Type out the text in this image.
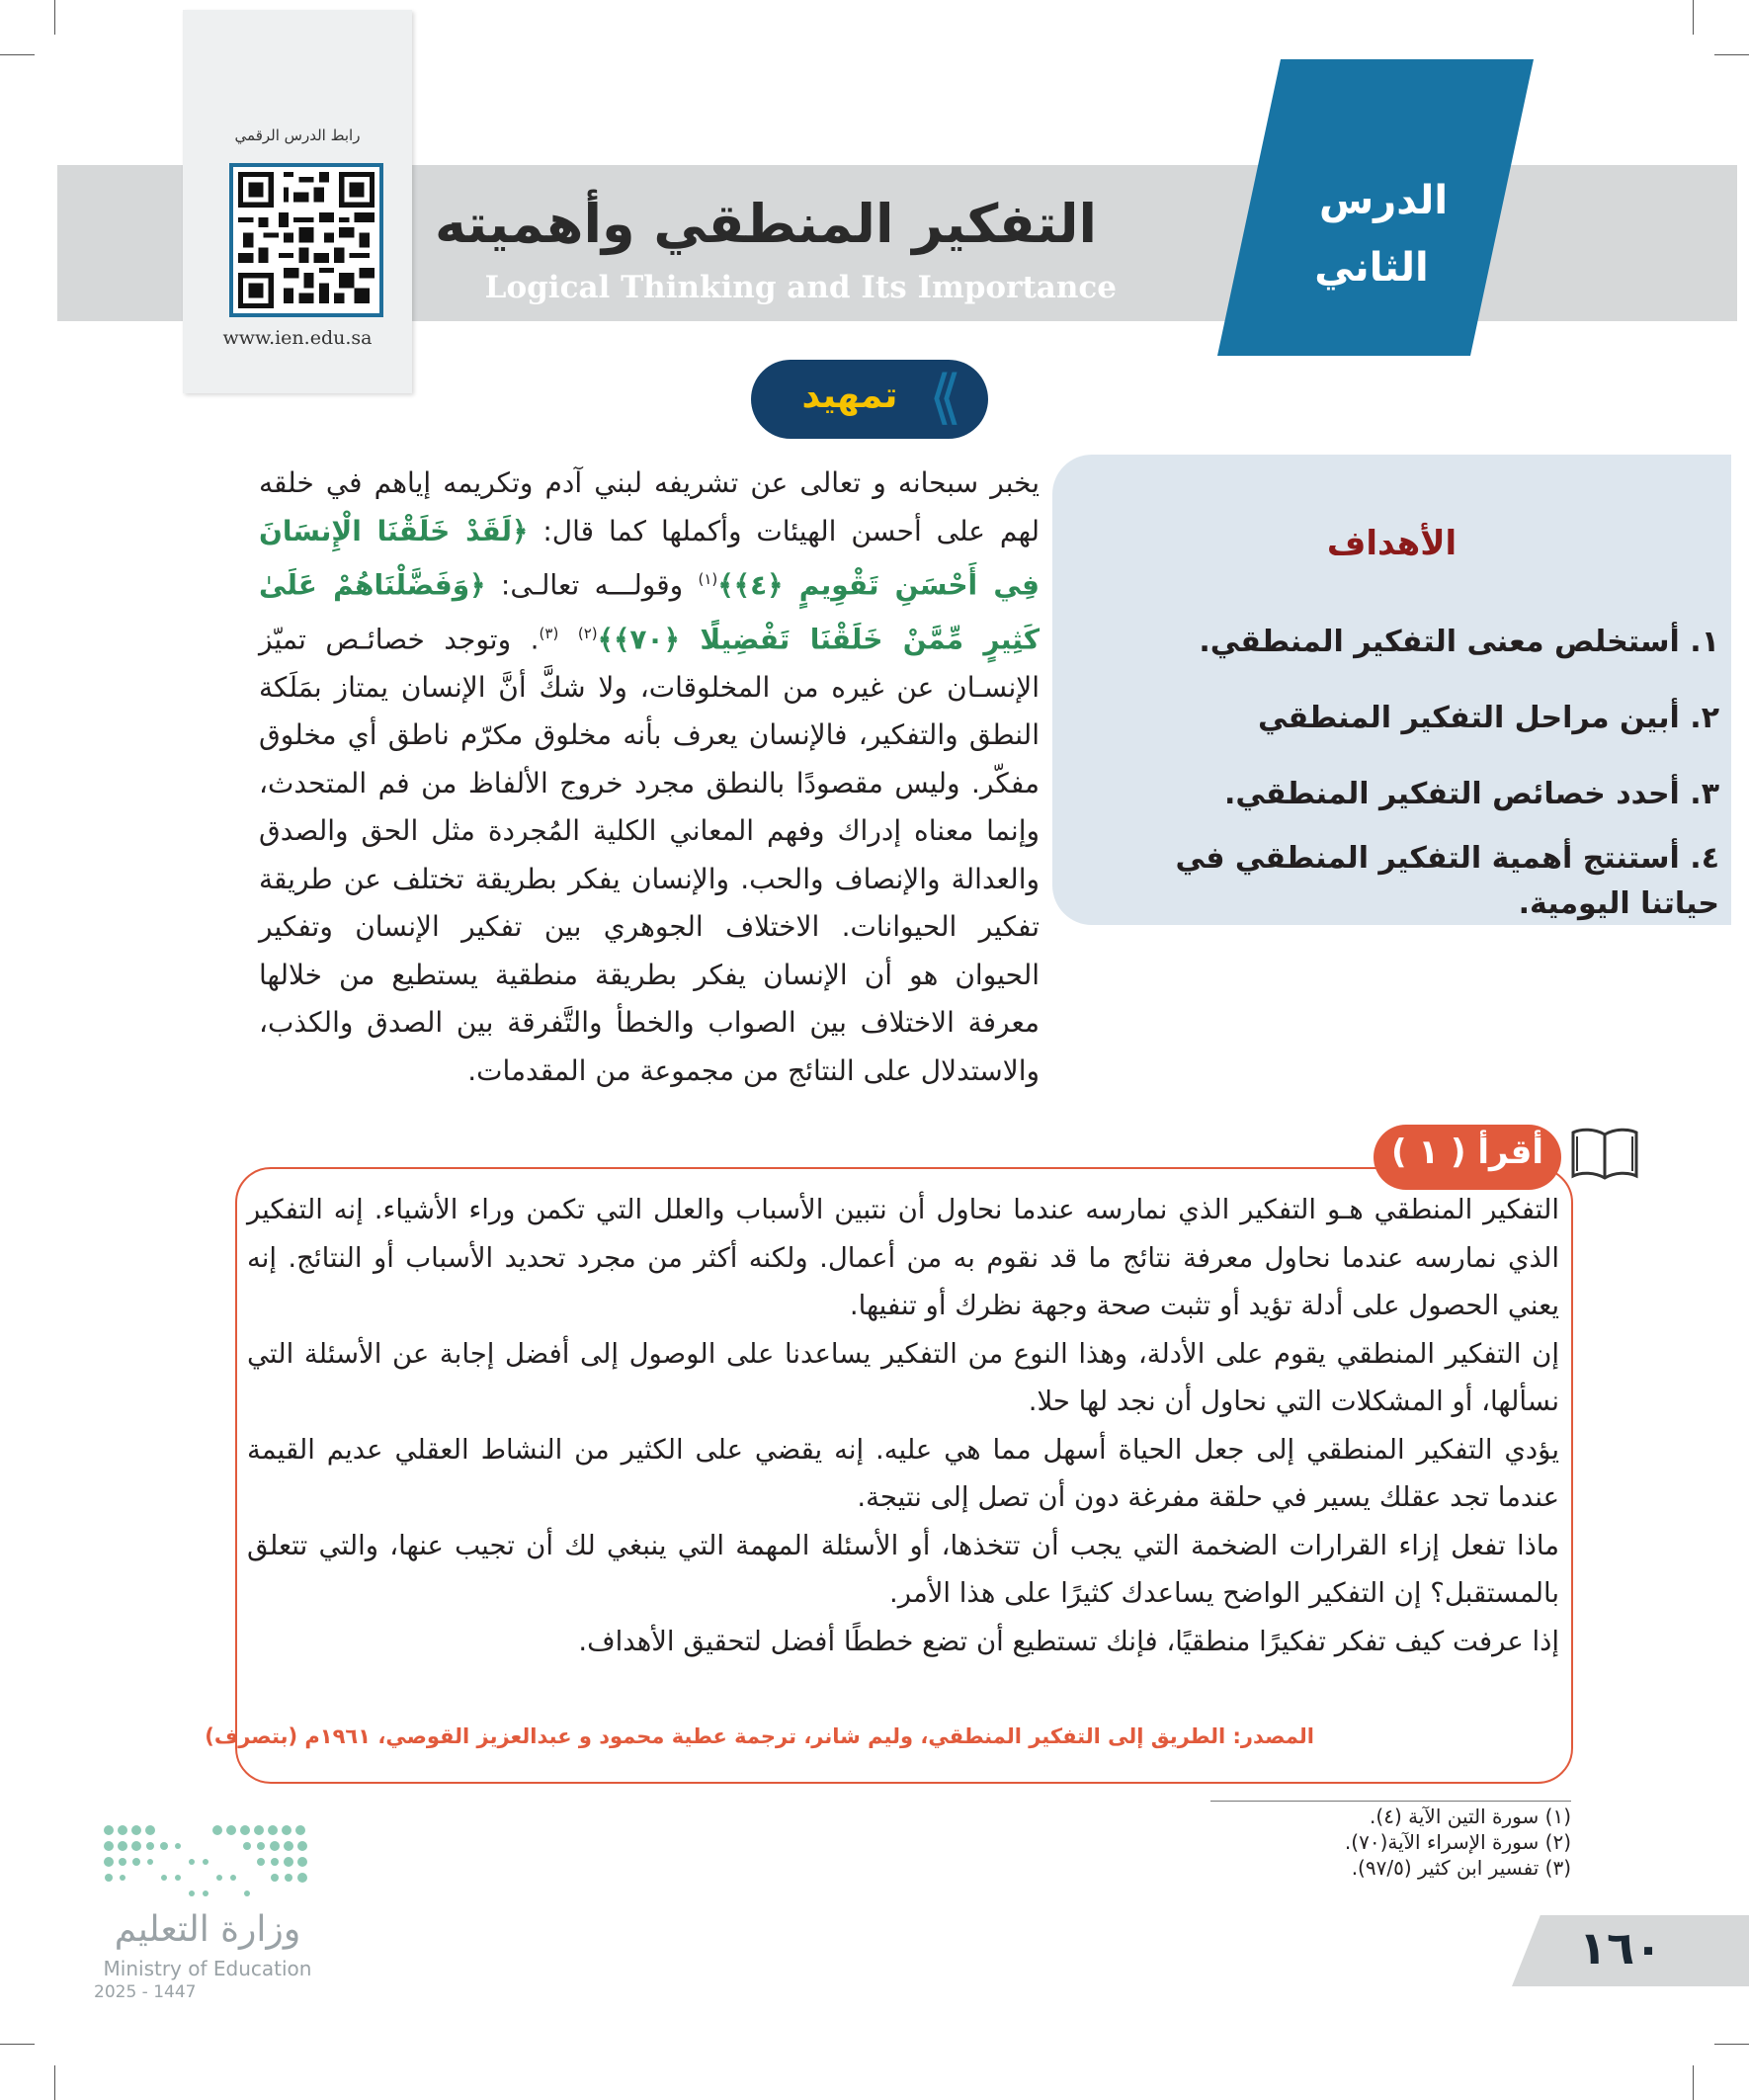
الدرس
الثاني
التفكير المنطقي وأهميته
Logical Thinking and Its Importance
رابط الدرس الرقمي
www.ien.edu.sa
تمهيد ⟪
الأهداف
١. أستخلص معنى التفكير المنطقي.
٢. أبين مراحل التفكير المنطقي
٣. أحدد خصائص التفكير المنطقي.
٤. أستنتج أهمية التفكير المنطقي في حياتنا اليومية.
يخبر سبحانه و تعالى عن تشريفه لبني آدم وتكريمه إياهم في خلقه لهم على أحسن الهيئات وأكملها كما قال: ﴿لَقَدْ خَلَقْنَا الْإِنسَانَ فِي أَحْسَنِ تَقْوِيمٍ ﴿٤﴾﴾$^{(١)}$ وقولـــه تعالـى: ﴿وَفَضَّلْنَاهُمْ عَلَىٰ كَثِيرٍ مِّمَّنْ خَلَقْنَا تَفْضِيلًا ﴿٧٠﴾﴾$^{(٢)}$ $^{(٣)}$. وتوجد خصائـص تميّز الإنسـان عن غيره من المخلوقات، ولا شكَّ أنَّ الإنسان يمتاز بمَلَكة النطق والتفكير، فالإنسان يعرف بأنه مخلوق مكرّم ناطق أي مخلوق مفكّر. وليس مقصودًا بالنطق مجرد خروج الألفاظ من فم المتحدث، وإنما معناه إدراك وفهم المعاني الكلية المُجردة مثل الحق والصدق والعدالة والإنصاف والحب. والإنسان يفكر بطريقة تختلف عن طريقة تفكير الحيوانات. الاختلاف الجوهري بين تفكير الإنسان وتفكير الحيوان هو أن الإنسان يفكر بطريقة منطقية يستطيع من خلالها معرفة الاختلاف بين الصواب والخطأ والتَّفرقة بين الصدق والكذب، والاستدلال على النتائج من مجموعة من المقدمات.
أقرأ ( ١ )
التفكير المنطقي هـو التفكير الذي نمارسه عندما نحاول أن نتبين الأسباب والعلل التي تكمن وراء الأشياء. إنه التفكير الذي نمارسه عندما نحاول معرفة نتائج ما قد نقوم به من أعمال. ولكنه أكثر من مجرد تحديد الأسباب أو النتائج. إنه يعني الحصول على أدلة تؤيد أو تثبت صحة وجهة نظرك أو تنفيها.
إن التفكير المنطقي يقوم على الأدلة، وهذا النوع من التفكير يساعدنا على الوصول إلى أفضل إجابة عن الأسئلة التي نسألها، أو المشكلات التي نحاول أن نجد لها حلا.
يؤدي التفكير المنطقي إلى جعل الحياة أسهل مما هي عليه. إنه يقضي على الكثير من النشاط العقلي عديم القيمة عندما تجد عقلك يسير في حلقة مفرغة دون أن تصل إلى نتيجة.
ماذا تفعل إزاء القرارات الضخمة التي يجب أن تتخذها، أو الأسئلة المهمة التي ينبغي لك أن تجيب عنها، والتي تتعلق بالمستقبل؟ إن التفكير الواضح يساعدك كثيرًا على هذا الأمر.
إذا عرفت كيف تفكر تفكيرًا منطقيًا، فإنك تستطيع أن تضع خططًا أفضل لتحقيق الأهداف.
المصدر: الطريق إلى التفكير المنطقي، وليم شانر، ترجمة عطية محمود و عبدالعزيز القوصي، ١٩٦١م (بتصرف)
(١) سورة التين الآية (٤).
(٢) سورة الإسراء الآية(٧٠).
(٣) تفسير ابن كثير (٩٧/٥).
١٦٠
وزارة التعليم
Ministry of Education
2025 - 1447
